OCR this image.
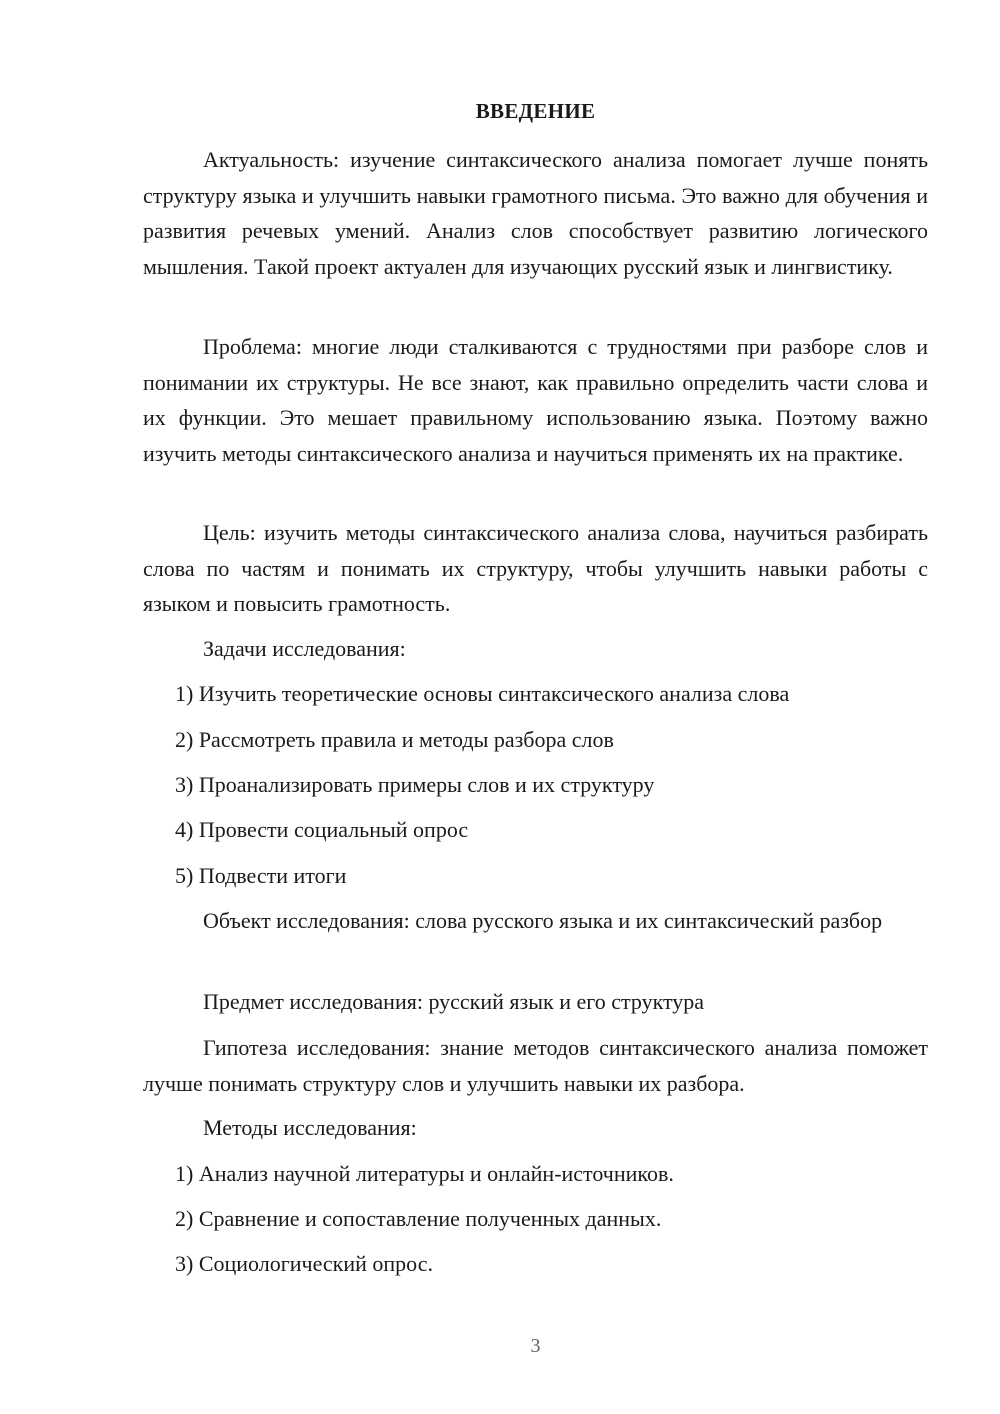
ВВЕДЕНИЕ

Актуальность: изучение синтаксического анализа помогает лучше понять структуру языка и улучшить навыки грамотного письма. Это важно для обучения и развития речевых умений. Анализ слов способствует развитию логического мышления. Такой проект актуален для изучающих русский язык и лингвистику.

Проблема: многие люди сталкиваются с трудностями при разборе слов и понимании их структуры. Не все знают, как правильно определить части слова и их функции. Это мешает правильному использованию языка. Поэтому важно изучить методы синтаксического анализа и научиться применять их на практике.

Цель: изучить методы синтаксического анализа слова, научиться разбирать слова по частям и понимать их структуру, чтобы улучшить навыки работы с языком и повысить грамотность.

Задачи исследования:

1) Изучить теоретические основы синтаксического анализа слова
2) Рассмотреть правила и методы разбора слов
3) Проанализировать примеры слов и их структуру
4) Провести социальный опрос
5) Подвести итоги

Объект исследования: слова русского языка и их синтаксический разбор

Предмет исследования: русский язык и его структура

Гипотеза исследования: знание методов синтаксического анализа поможет лучше понимать структуру слов и улучшить навыки их разбора.

Методы исследования:

1) Анализ научной литературы и онлайн-источников.
2) Сравнение и сопоставление полученных данных.
3) Социологический опрос.
3
